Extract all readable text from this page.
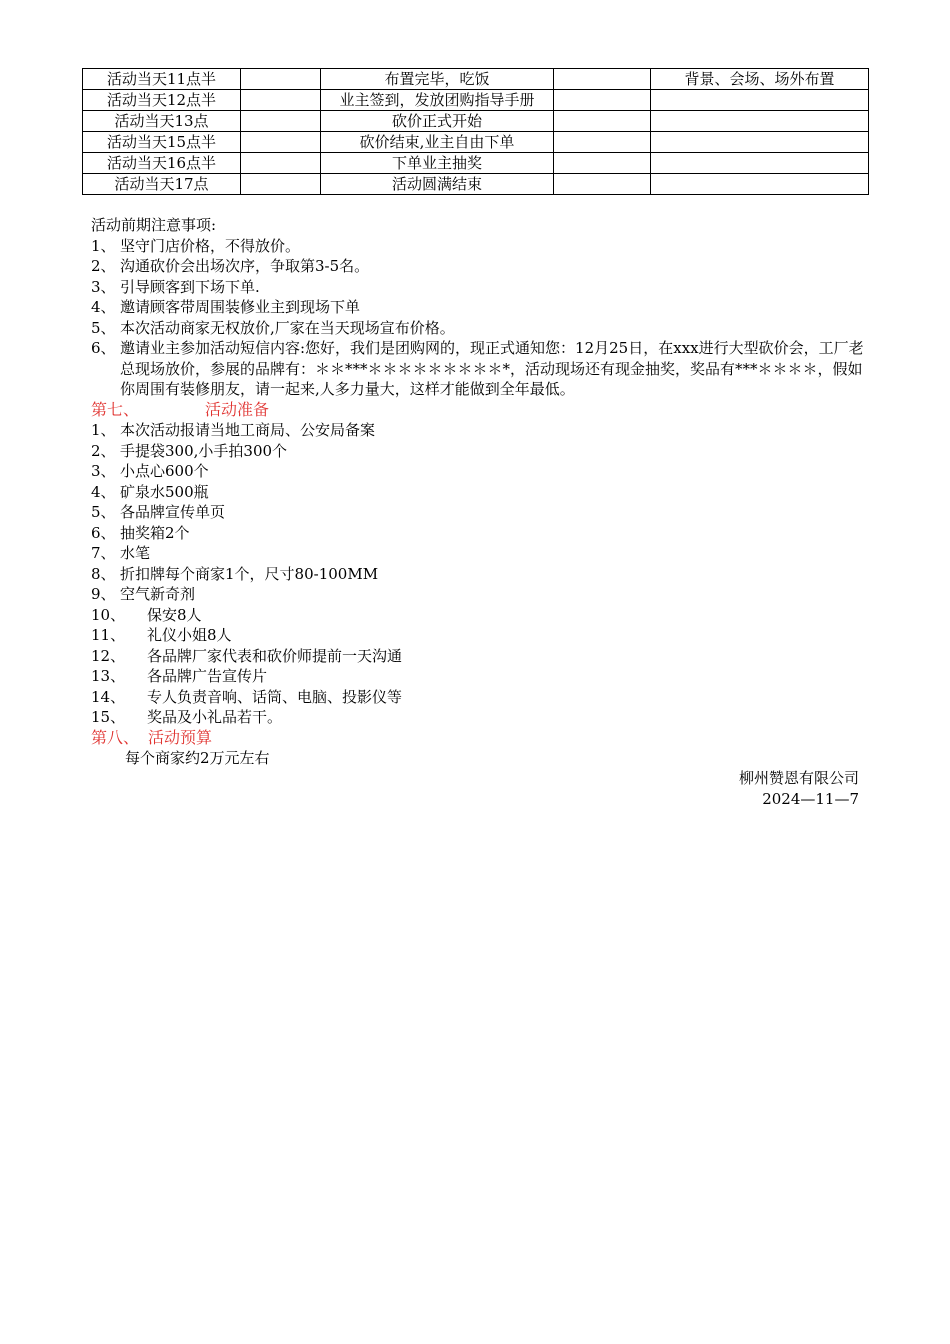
活动当天11点半		布置完毕，吃饭		背景、会场、场外布置
活动当天12点半		业主签到，发放团购指导手册		
活动当天13点		砍价正式开始		
活动当天15点半		砍价结束,业主自由下单		
活动当天16点半		下单业主抽奖		
活动当天17点		活动圆满结束		
活动前期注意事项:
1、 坚守门店价格，不得放价。
2、 沟通砍价会出场次序，争取第3-5名。
3、 引导顾客到下场下单.
4、 邀请顾客带周围装修业主到现场下单
5、 本次活动商家无权放价,厂家在当天现场宣布价格。
6、 邀请业主参加活动短信内容:您好，我们是团购网的，现正式通知您：12月25日，在xxx进行大型砍价会，工厂老总现场放价，参展的品牌有：＊＊***＊＊＊＊＊＊＊＊＊*，活动现场还有现金抽奖，奖品有***＊＊＊＊，假如你周围有装修朋友，请一起来,人多力量大，这样才能做到全年最低。
第七、	活动准备
1、 本次活动报请当地工商局、公安局备案
2、 手提袋300,小手拍300个
3、 小点心600个
4、 矿泉水500瓶
5、 各品牌宣传单页
6、 抽奖箱2个
7、 水笔
8、 折扣牌每个商家1个，尺寸80-100MM
9、 空气新奇剂
10、	保安8人
11、	礼仪小姐8人
12、	各品牌厂家代表和砍价师提前一天沟通
13、	各品牌广告宣传片
14、	专人负责音响、话筒、电脑、投影仪等
15、	奖品及小礼品若干。
第八、 活动预算
每个商家约2万元左右
柳州赞恩有限公司
2024—11—7
